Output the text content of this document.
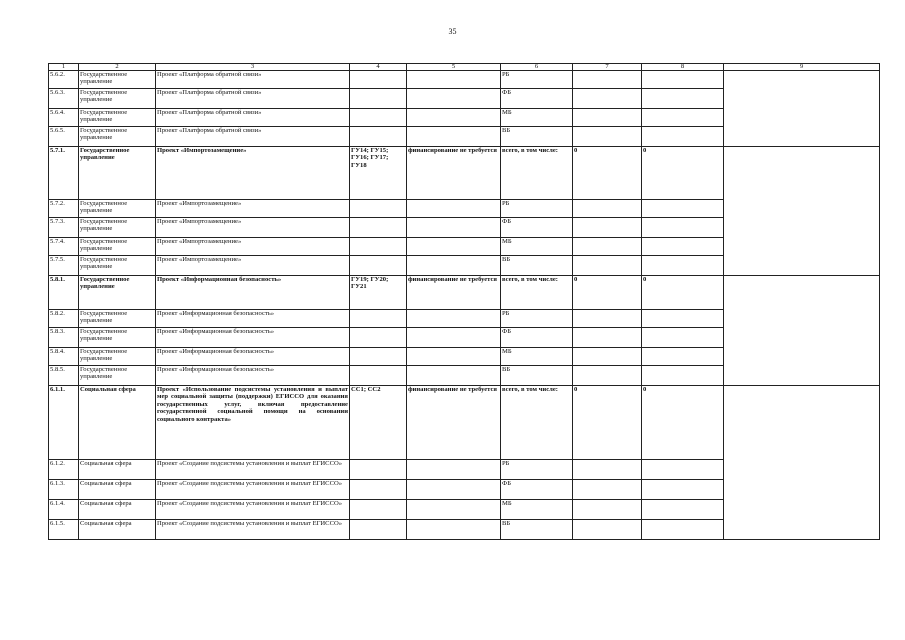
35
1	2	3	4	5	6	7	8	9
5.6.2.	Государственное управление	Проект «Платформа обратной связи»			РБ			
5.6.3.	Государственное управление	Проект «Платформа обратной связи»			ФБ			
5.6.4.	Государственное управление	Проект «Платформа обратной связи»			МБ			
5.6.5.	Государственное управление	Проект «Платформа обратной связи»			ВБ			
5.7.1.	Государственное управление	Проект «Импортозамещение»	ГУ14; ГУ15; ГУ16; ГУ17; ГУ18	финансирование не требуется	всего, в том числе:	0	0	
5.7.2.	Государственное управление	Проект «Импортозамещение»			РБ			
5.7.3.	Государственное управление	Проект «Импортозамещение»			ФБ			
5.7.4.	Государственное управление	Проект «Импортозамещение»			МБ			
5.7.5.	Государственное управление	Проект «Импортозамещение»			ВБ			
5.8.1.	Государственное управление	Проект «Информационная безопасность»	ГУ19; ГУ20; ГУ21	финансирование не требуется	всего, в том числе:	0	0	
5.8.2.	Государственное управление	Проект «Информационная безопасность»			РБ			
5.8.3.	Государственное управление	Проект «Информационная безопасность»			ФБ			
5.8.4.	Государственное управление	Проект «Информационная безопасность»			МБ			
5.8.5.	Государственное управление	Проект «Информационная безопасность»			ВБ			
6.1.1.	Социальная сфера	Проект «Использование подсистемы установления и выплат мер социальной защиты (поддержки) ЕГИССО для оказания государственных услуг, включая предоставление государственной социальной помощи на основании социального контракта»	СС1; СС2	финансирование не требуется	всего, в том числе:	0	0	
6.1.2.	Социальная сфера	Проект «Создание подсистемы установления и выплат ЕГИССО»			РБ			
6.1.3.	Социальная сфера	Проект «Создание подсистемы установления и выплат ЕГИССО»			ФБ			
6.1.4.	Социальная сфера	Проект «Создание подсистемы установления и выплат ЕГИССО»			МБ			
6.1.5.	Социальная сфера	Проект «Создание подсистемы установления и выплат ЕГИССО»			ВБ			
